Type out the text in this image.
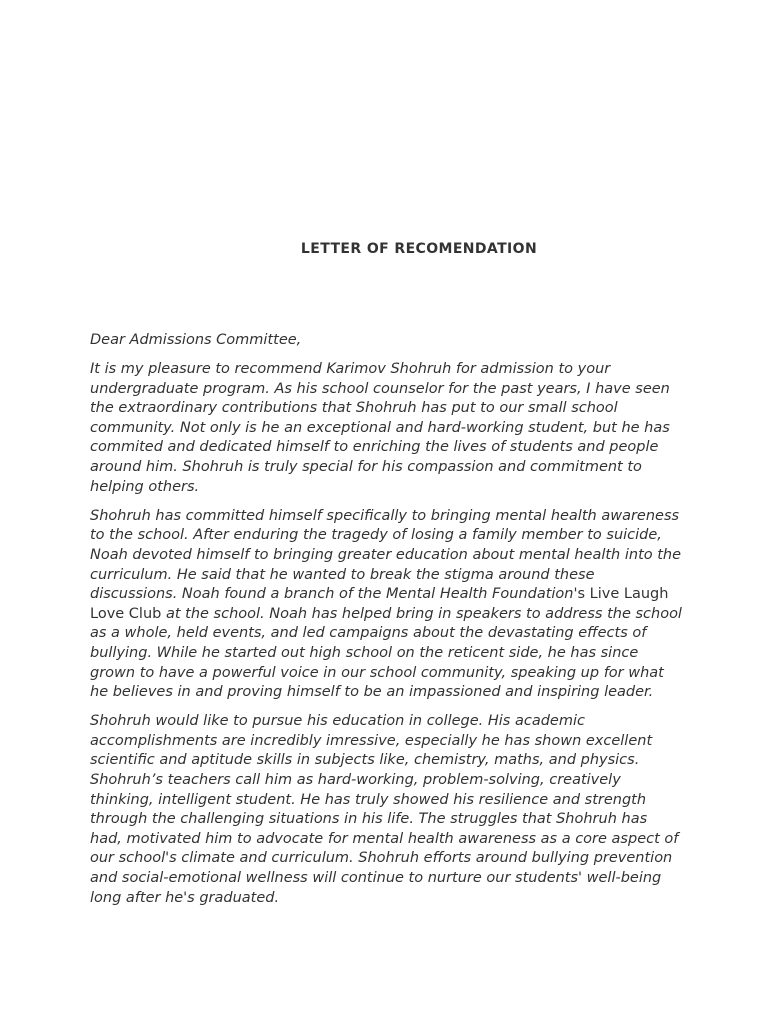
LETTER OF RECOMENDATION

Dear Admissions Committee,

It is my pleasure to recommend Karimov Shohruh for admission to your undergraduate program. As his school counselor for the past years, I have seen the extraordinary contributions that Shohruh has put to our small school community. Not only is he an exceptional and hard-working student, but he has commited and dedicated himself to enriching the lives of students and people around him. Shohruh is truly special for his compassion and commitment to helping others.

Shohruh has committed himself specifically to bringing mental health awareness to the school. After enduring the tragedy of losing a family member to suicide, Noah devoted himself to bringing greater education about mental health into the curriculum. He said that he wanted to break the stigma around these discussions. Noah found a branch of the Mental Health Foundation's Live Laugh Love Club at the school. Noah has helped bring in speakers to address the school as a whole, held events, and led campaigns about the devastating effects of bullying. While he started out high school on the reticent side, he has since grown to have a powerful voice in our school community, speaking up for what he believes in and proving himself to be an impassioned and inspiring leader.

Shohruh would like to pursue his education in college. His academic accomplishments are incredibly imressive, especially he has shown excellent scientific and aptitude skills in subjects like, chemistry, maths, and physics. Shohruh’s teachers call him as hard-working, problem-solving, creatively thinking, intelligent student. He has truly showed his resilience and strength through the challenging situations in his life. The struggles that Shohruh has had, motivated him to advocate for mental health awareness as a core aspect of our school's climate and curriculum. Shohruh efforts around bullying prevention and social-emotional wellness will continue to nurture our students' well-being long after he's graduated.
